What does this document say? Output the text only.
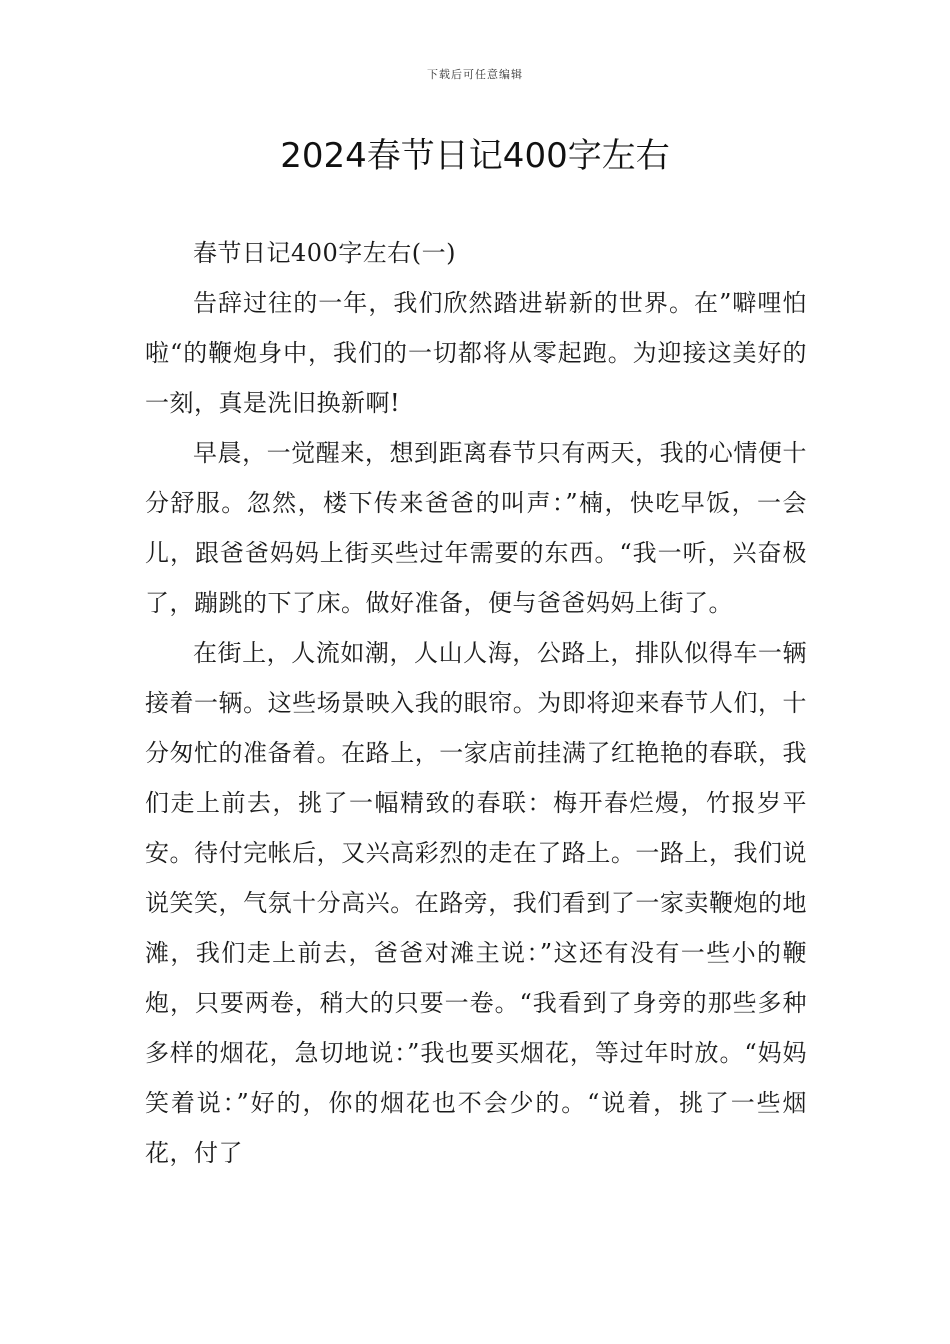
下载后可任意编辑
2024春节日记400字左右

春节日记400字左右(一)

告辞过往的一年，我们欣然踏进崭新的世界。在”噼哩怕啦“的鞭炮身中，我们的一切都将从零起跑。为迎接这美好的一刻，真是洗旧换新啊!

早晨，一觉醒来，想到距离春节只有两天，我的心情便十分舒服。忽然，楼下传来爸爸的叫声：”楠，快吃早饭，一会儿，跟爸爸妈妈上街买些过年需要的东西。“我一听，兴奋极了，蹦跳的下了床。做好准备，便与爸爸妈妈上街了。

在街上，人流如潮，人山人海，公路上，排队似得车一辆接着一辆。这些场景映入我的眼帘。为即将迎来春节人们，十分匆忙的准备着。在路上，一家店前挂满了红艳艳的春联，我们走上前去，挑了一幅精致的春联：梅开春烂熳，竹报岁平安。待付完帐后，又兴高彩烈的走在了路上。一路上，我们说说笑笑，气氛十分高兴。在路旁，我们看到了一家卖鞭炮的地滩，我们走上前去，爸爸对滩主说：”这还有没有一些小的鞭炮，只要两卷，稍大的只要一卷。“我看到了身旁的那些多种多样的烟花，急切地说：”我也要买烟花，等过年时放。“妈妈笑着说：”好的，你的烟花也不会少的。“说着，挑了一些烟花，付了
